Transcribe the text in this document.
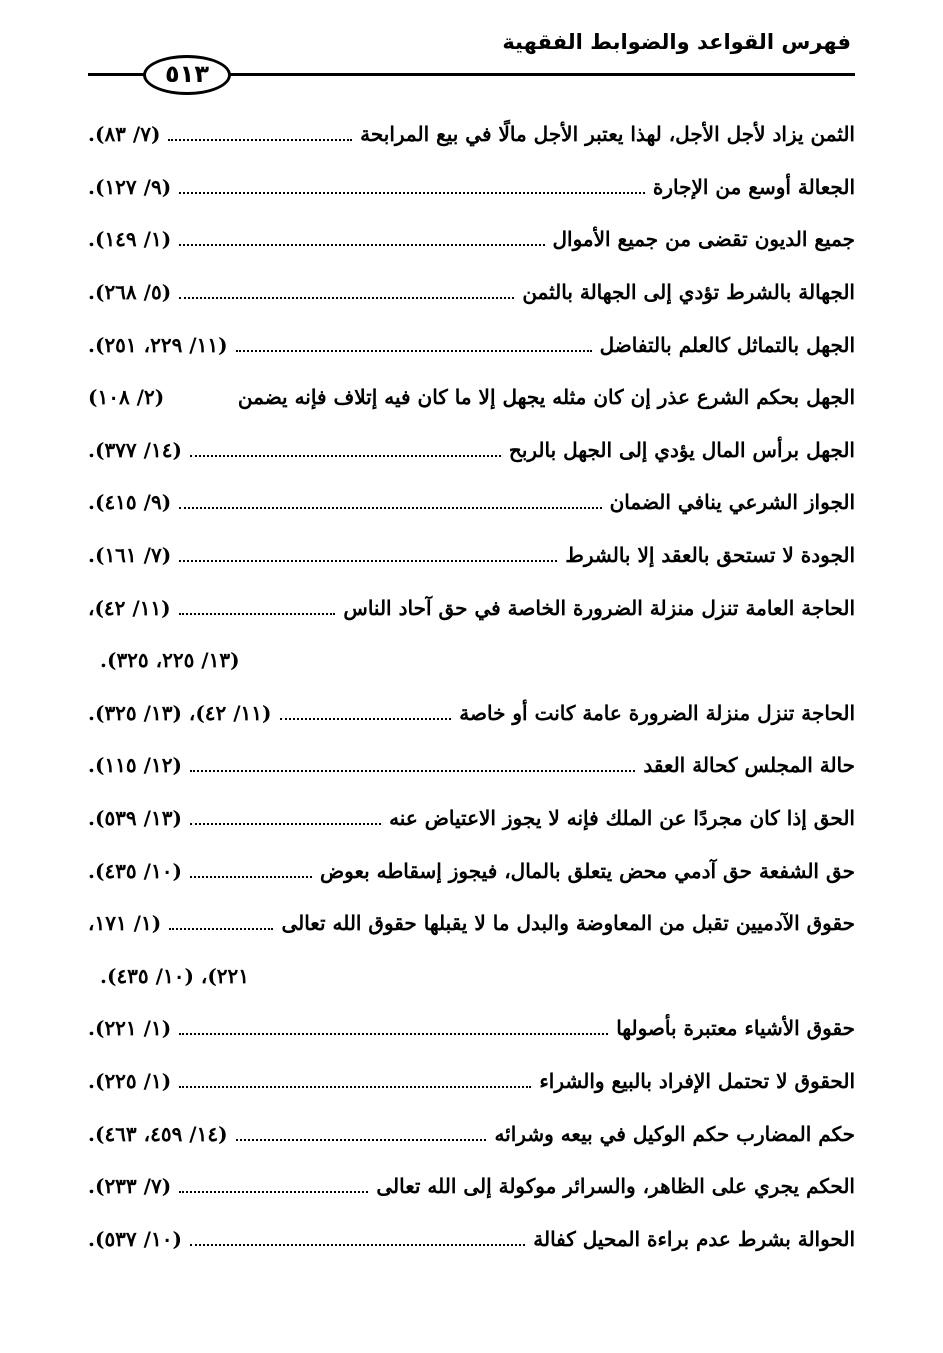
فهرس القواعد والضوابط الفقهية
٥١٣
الثمن يزاد لأجل الأجل، لهذا يعتبر الأجل مالًا في بيع المرابحة
(٧/ ٨٣).
الجعالة أوسع من الإجارة
(٩/ ١٢٧).
جميع الديون تقضى من جميع الأموال
(١/ ١٤٩).
الجهالة بالشرط تؤدي إلى الجهالة بالثمن
(٥/ ٢٦٨).
الجهل بالتماثل كالعلم بالتفاضل
(١١/ ٢٢٩، ٢٥١).
الجهل بحكم الشرع عذر إن كان مثله يجهل إلا ما كان فيه إتلاف فإنه يضمن
(٢/ ١٠٨)
الجهل برأس المال يؤدي إلى الجهل بالربح
(١٤/ ٣٧٧).
الجواز الشرعي ينافي الضمان
(٩/ ٤١٥).
الجودة لا تستحق بالعقد إلا بالشرط
(٧/ ١٦١).
الحاجة العامة تنزل منزلة الضرورة الخاصة في حق آحاد الناس
(١١/ ٤٢)،
(١٣/ ٢٢٥، ٣٢٥).
الحاجة تنزل منزلة الضرورة عامة كانت أو خاصة
(١١/ ٤٢)، (١٣/ ٣٢٥).
حالة المجلس كحالة العقد
(١٢/ ١١٥).
الحق إذا كان مجردًا عن الملك فإنه لا يجوز الاعتياض عنه
(١٣/ ٥٣٩).
حق الشفعة حق آدمي محض يتعلق بالمال، فيجوز إسقاطه بعوض
(١٠/ ٤٣٥).
حقوق الآدميين تقبل من المعاوضة والبدل ما لا يقبلها حقوق الله تعالى
(١/ ١٧١،
٢٢١)، (١٠/ ٤٣٥).
حقوق الأشياء معتبرة بأصولها
(١/ ٢٢١).
الحقوق لا تحتمل الإفراد بالبيع والشراء
(١/ ٢٢٥).
حكم المضارب حكم الوكيل في بيعه وشرائه
(١٤/ ٤٥٩، ٤٦٣).
الحكم يجري على الظاهر، والسرائر موكولة إلى الله تعالى
(٧/ ٢٣٣).
الحوالة بشرط عدم براءة المحيل كفالة
(١٠/ ٥٣٧).
